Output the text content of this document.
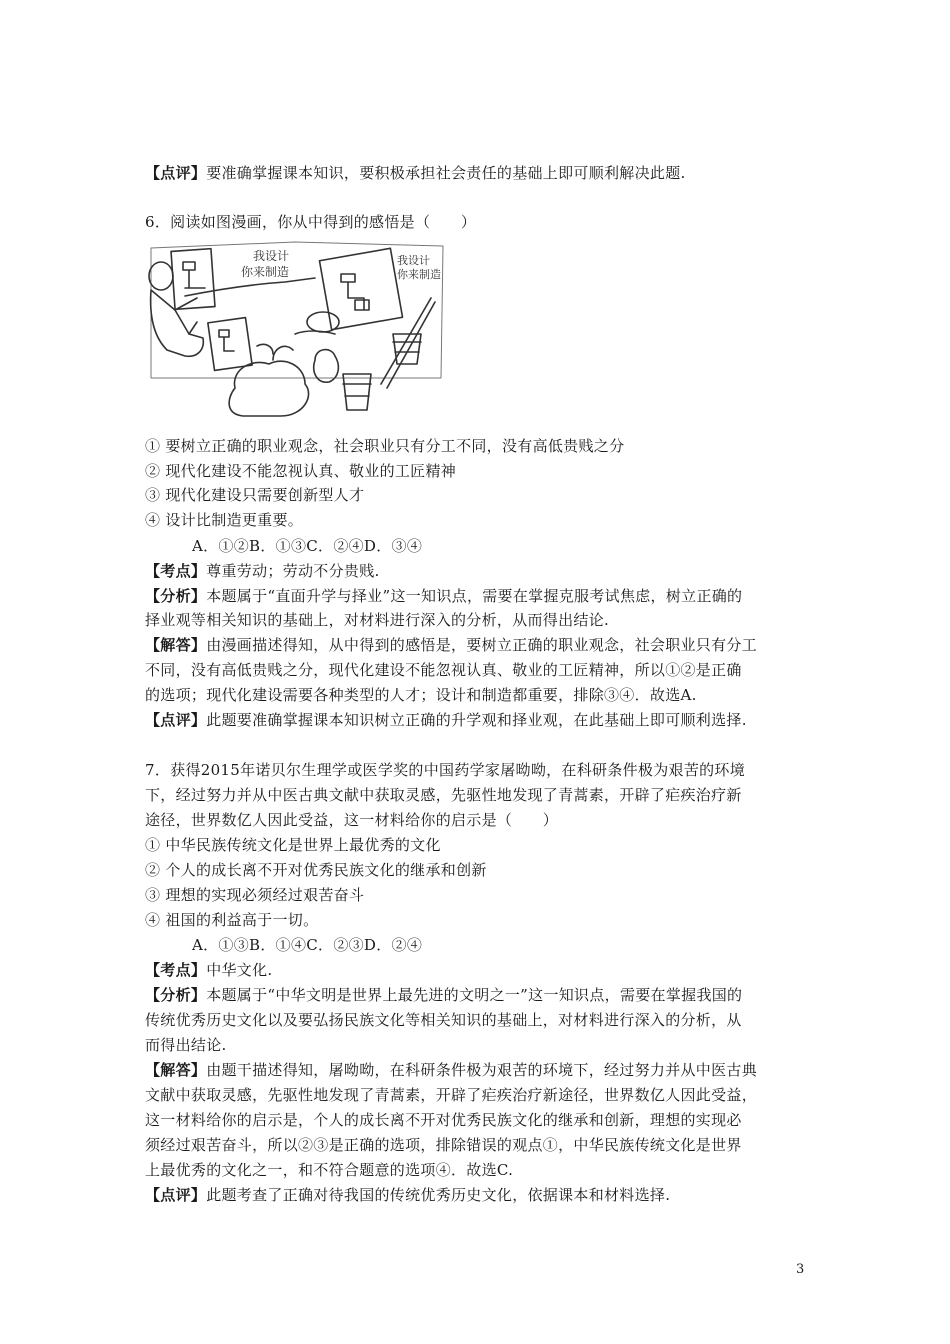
【点评】要准确掌握课本知识，要积极承担社会责任的基础上即可顺利解决此题.
6．阅读如图漫画，你从中得到的感悟是（　　）
我设计
你来制造
我设计
你来制造
① 要树立正确的职业观念，社会职业只有分工不同，没有高低贵贱之分
② 现代化建设不能忽视认真、敬业的工匠精神
③ 现代化建设只需要创新型人才
④ 设计比制造更重要。
A．①②B．①③C．②④D．③④
【考点】尊重劳动；劳动不分贵贱.
【分析】本题属于“直面升学与择业”这一知识点，需要在掌握克服考试焦虑，树立正确的
择业观等相关知识的基础上，对材料进行深入的分析，从而得出结论.
【解答】由漫画描述得知，从中得到的感悟是，要树立正确的职业观念，社会职业只有分工
不同，没有高低贵贱之分，现代化建设不能忽视认真、敬业的工匠精神，所以①②是正确
的选项；现代化建设需要各种类型的人才；设计和制造都重要，排除③④．故选A.
【点评】此题要准确掌握课本知识树立正确的升学观和择业观，在此基础上即可顺利选择.
7．获得2015年诺贝尔生理学或医学奖的中国药学家屠呦呦，在科研条件极为艰苦的环境
下，经过努力并从中医古典文献中获取灵感，先驱性地发现了青蒿素，开辟了疟疾治疗新
途径，世界数亿人因此受益，这一材料给你的启示是（　　）
① 中华民族传统文化是世界上最优秀的文化
② 个人的成长离不开对优秀民族文化的继承和创新
③ 理想的实现必须经过艰苦奋斗
④ 祖国的利益高于一切。
A．①③B．①④C．②③D．②④
【考点】中华文化.
【分析】本题属于“中华文明是世界上最先进的文明之一”这一知识点，需要在掌握我国的
传统优秀历史文化以及要弘扬民族文化等相关知识的基础上，对材料进行深入的分析，从
而得出结论.
【解答】由题干描述得知，屠呦呦，在科研条件极为艰苦的环境下，经过努力并从中医古典
文献中获取灵感，先驱性地发现了青蒿素，开辟了疟疾治疗新途径，世界数亿人因此受益，
这一材料给你的启示是，个人的成长离不开对优秀民族文化的继承和创新，理想的实现必
须经过艰苦奋斗，所以②③是正确的选项，排除错误的观点①，中华民族传统文化是世界
上最优秀的文化之一，和不符合题意的选项④．故选C.
【点评】此题考查了正确对待我国的传统优秀历史文化，依据课本和材料选择.
3
